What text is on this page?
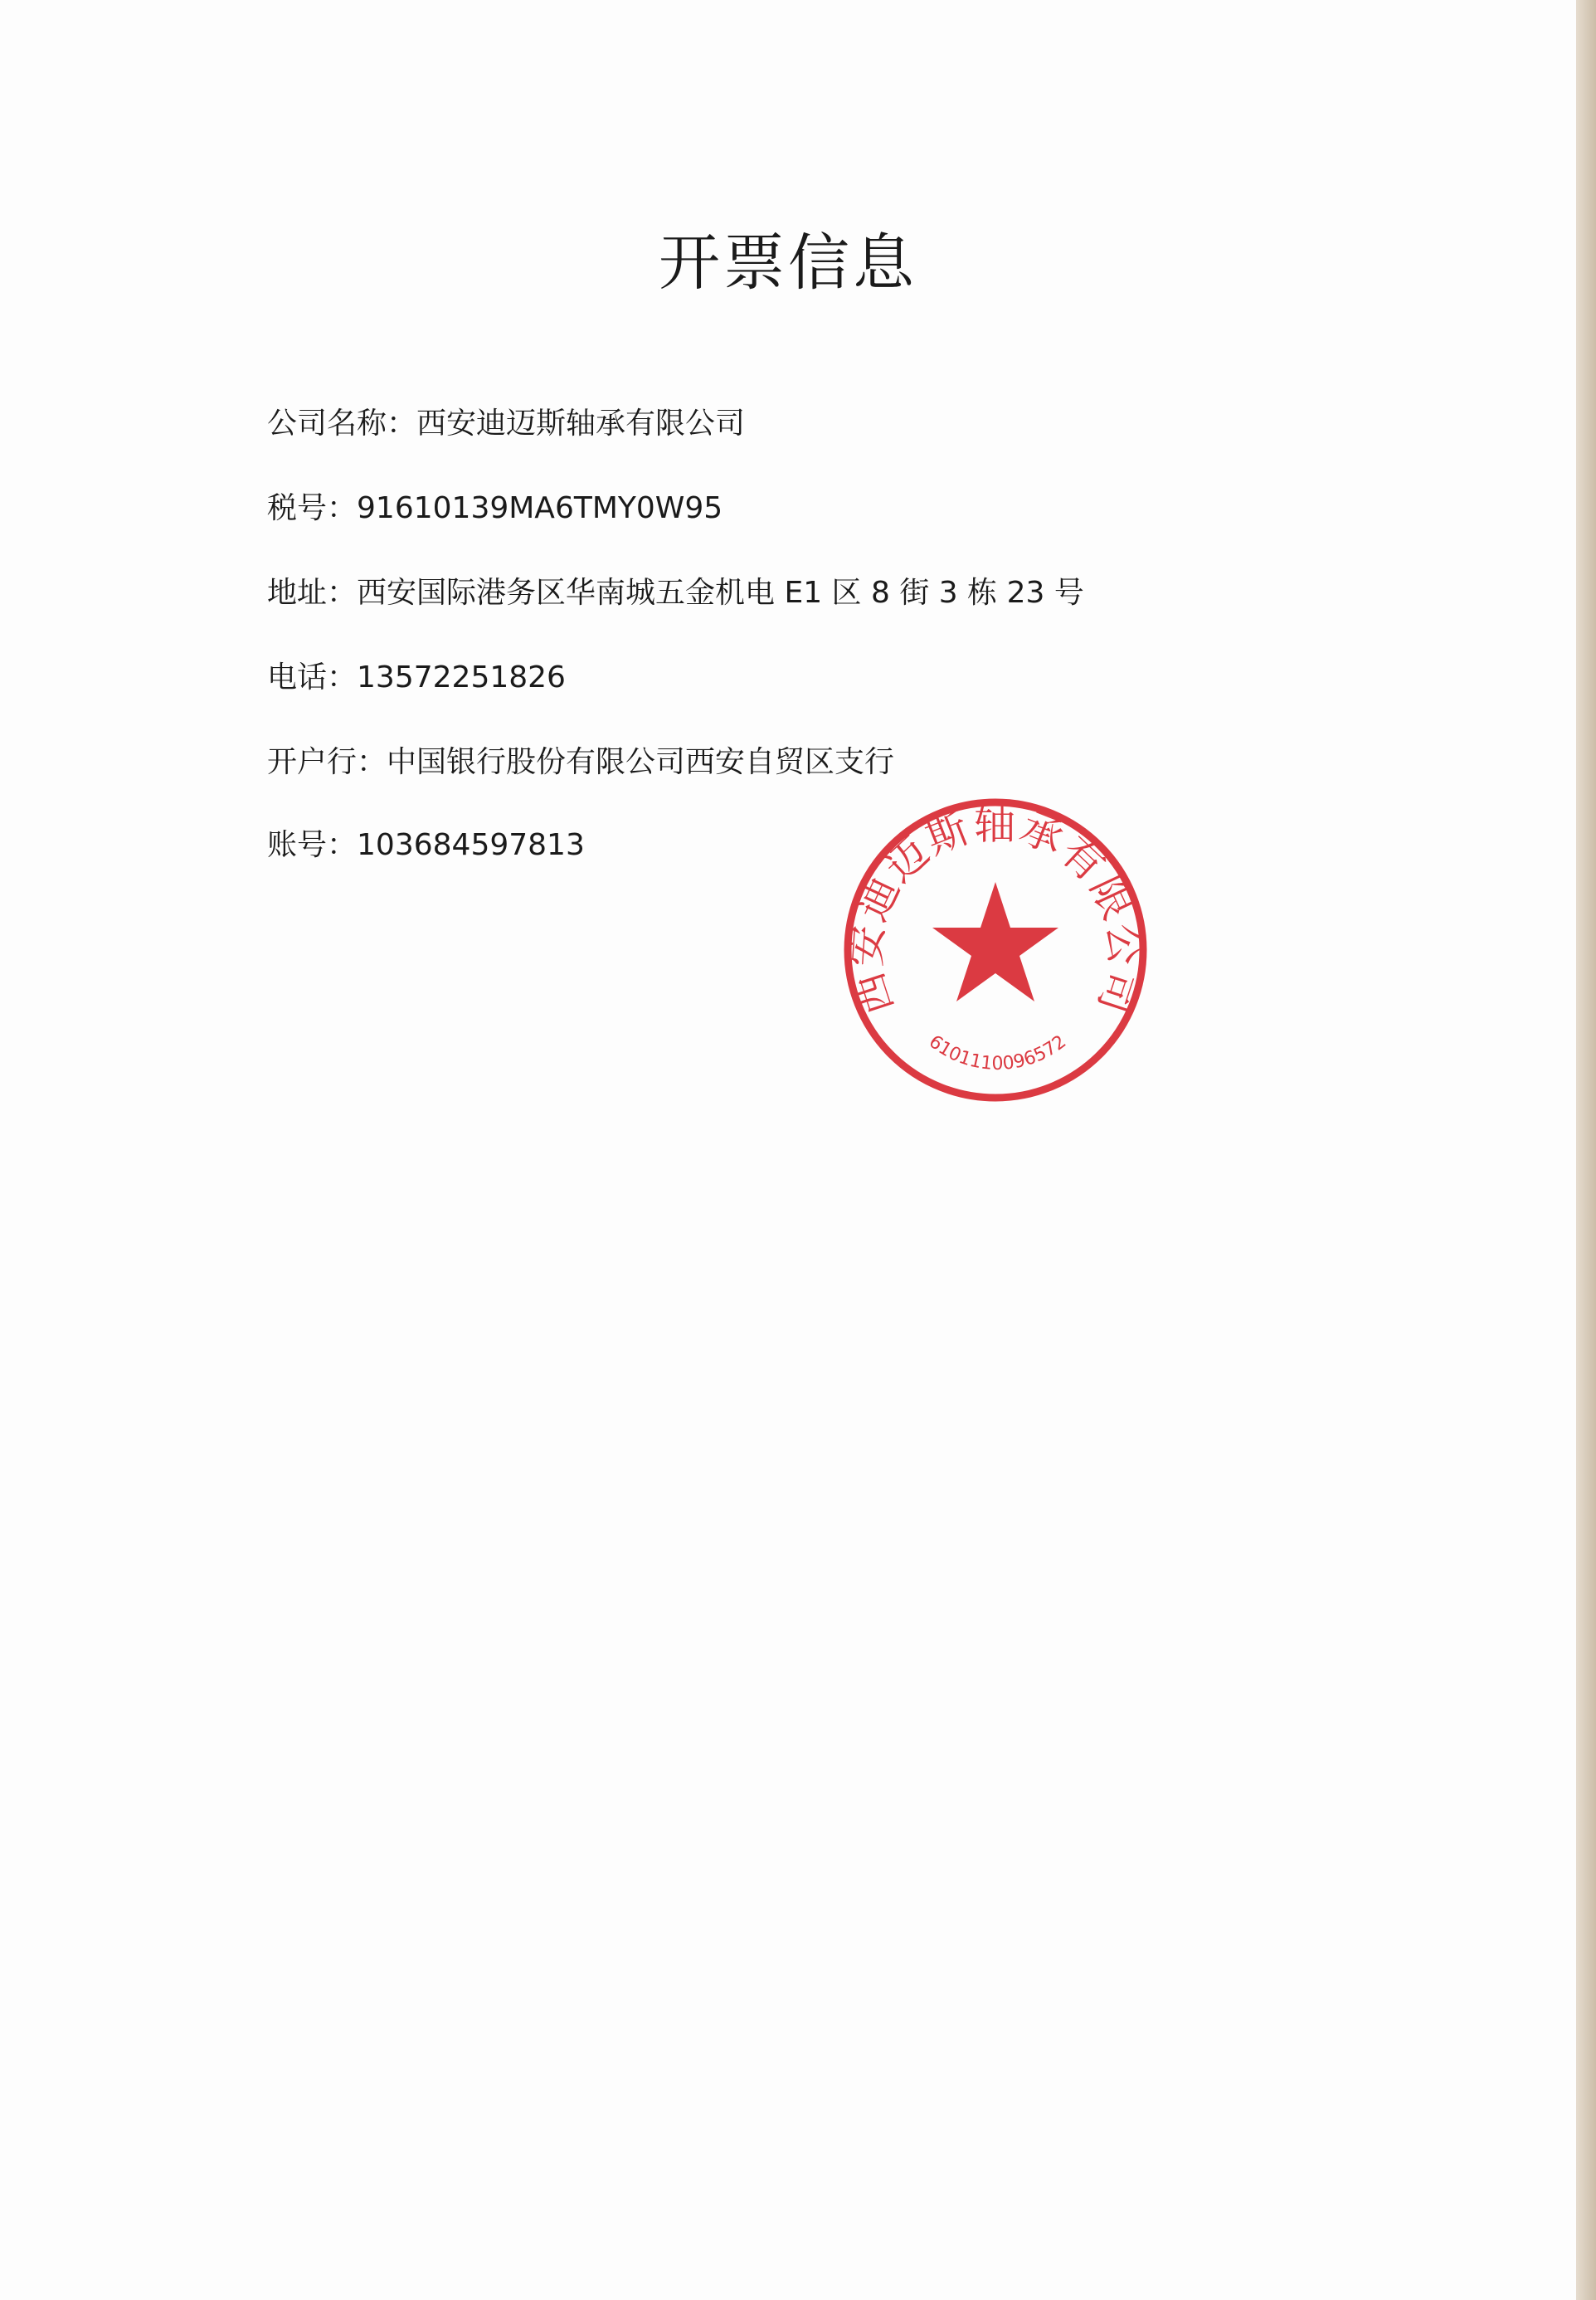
开票信息
公司名称：西安迪迈斯轴承有限公司
税号：91610139MA6TMY0W95
地址：西安国际港务区华南城五金机电 E1 区 8 街 3 栋 23 号
电话：13572251826
开户行：中国银行股份有限公司西安自贸区支行
账号：103684597813
西安迪迈斯轴承有限公司
6101110096572
